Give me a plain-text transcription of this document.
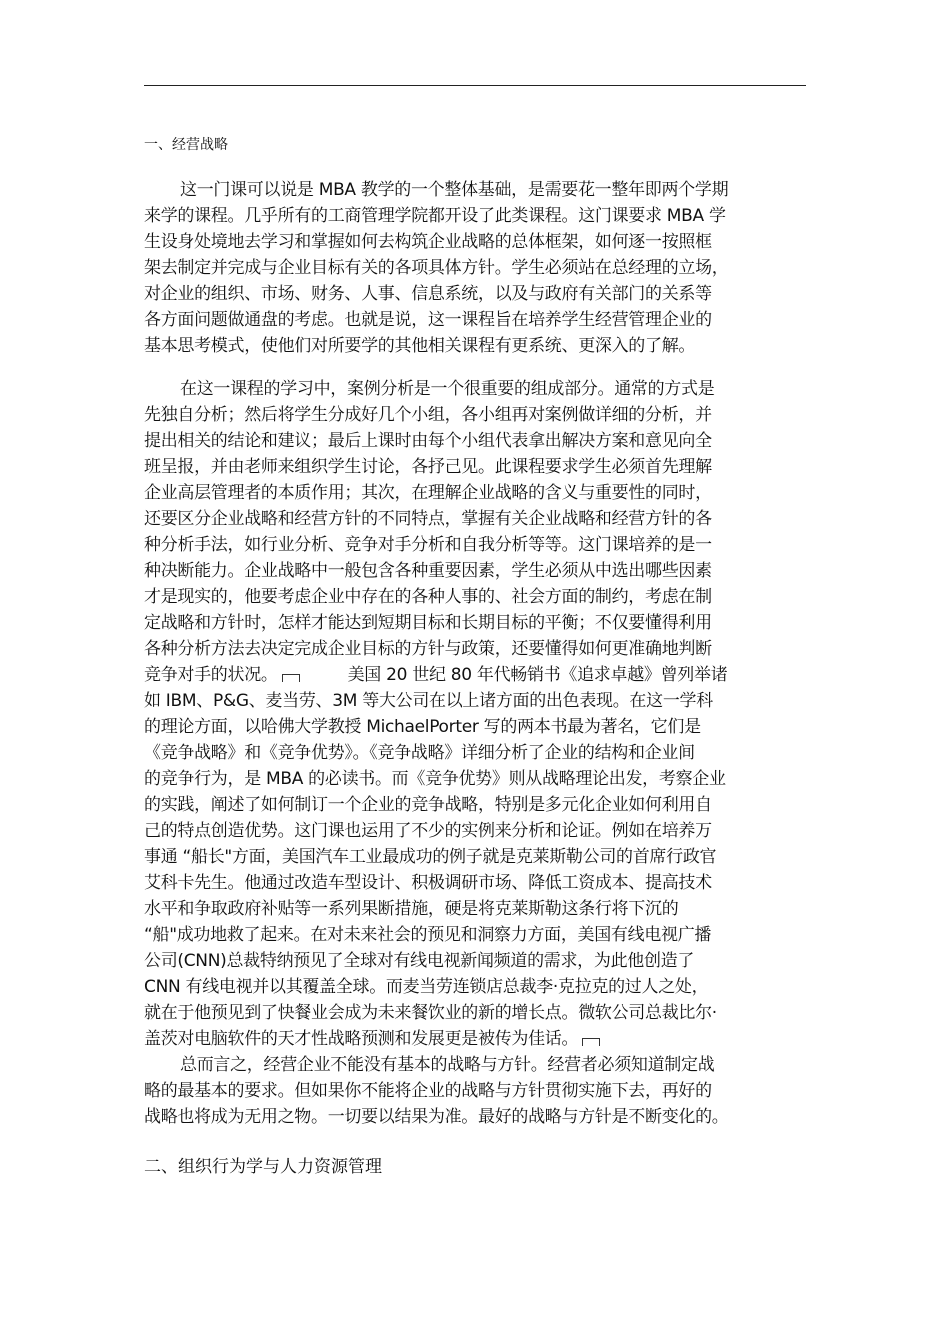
一、经营战略

这一门课可以说是 MBA 教学的一个整体基础，是需要花一整年即两个学期
来学的课程。几乎所有的工商管理学院都开设了此类课程。这门课要求 MBA 学
生设身处境地去学习和掌握如何去构筑企业战略的总体框架，如何逐一按照框
架去制定并完成与企业目标有关的各项具体方针。学生必须站在总经理的立场，
对企业的组织、市场、财务、人事、信息系统，以及与政府有关部门的关系等
各方面问题做通盘的考虑。也就是说，这一课程旨在培养学生经营管理企业的
基本思考模式，使他们对所要学的其他相关课程有更系统、更深入的了解。

在这一课程的学习中，案例分析是一个很重要的组成部分。通常的方式是
先独自分析；然后将学生分成好几个小组，各小组再对案例做详细的分析，并
提出相关的结论和建议；最后上课时由每个小组代表拿出解决方案和意见向全
班呈报，并由老师来组织学生讨论，各抒己见。此课程要求学生必须首先理解
企业高层管理者的本质作用；其次，在理解企业战略的含义与重要性的同时，
还要区分企业战略和经营方针的不同特点，掌握有关企业战略和经营方针的各
种分析手法，如行业分析、竞争对手分析和自我分析等等。这门课培养的是一
种决断能力。企业战略中一般包含各种重要因素，学生必须从中选出哪些因素
才是现实的，他要考虑企业中存在的各种人事的、社会方面的制约，考虑在制
定战略和方针时，怎样才能达到短期目标和长期目标的平衡；不仅要懂得利用
各种分析方法去决定完成企业目标的方针与政策，还要懂得如何更准确地判断
竞争对手的状况。	美国 20 世纪 80 年代畅销书《追求卓越》曾列举诸
如 IBM、P&G、麦当劳、3M 等大公司在以上诸方面的出色表现。在这一学科
的理论方面，以哈佛大学教授 MichaelPorter 写的两本书最为著名，它们是
《竞争战略》和《竞争优势》。《竞争战略》详细分析了企业的结构和企业间
的竞争行为，是 MBA 的必读书。而《竞争优势》则从战略理论出发，考察企业
的实践，阐述了如何制订一个企业的竞争战略，特别是多元化企业如何利用自
己的特点创造优势。这门课也运用了不少的实例来分析和论证。例如在培养万
事通 “船长"方面，美国汽车工业最成功的例子就是克莱斯勒公司的首席行政官
艾科卡先生。他通过改造车型设计、积极调研市场、降低工资成本、提高技术
水平和争取政府补贴等一系列果断措施，硬是将克莱斯勒这条行将下沉的
“船"成功地救了起来。在对未来社会的预见和洞察力方面，美国有线电视广播
公司(CNN)总裁特纳预见了全球对有线电视新闻频道的需求，为此他创造了
CNN 有线电视并以其覆盖全球。而麦当劳连锁店总裁李·克拉克的过人之处，
就在于他预见到了快餐业会成为未来餐饮业的新的增长点。微软公司总裁比尔·
盖茨对电脑软件的天才性战略预测和发展更是被传为佳话。

总而言之，经营企业不能没有基本的战略与方针。经营者必须知道制定战
略的最基本的要求。但如果你不能将企业的战略与方针贯彻实施下去，再好的
战略也将成为无用之物。一切要以结果为准。最好的战略与方针是不断变化的。

二、组织行为学与人力资源管理
